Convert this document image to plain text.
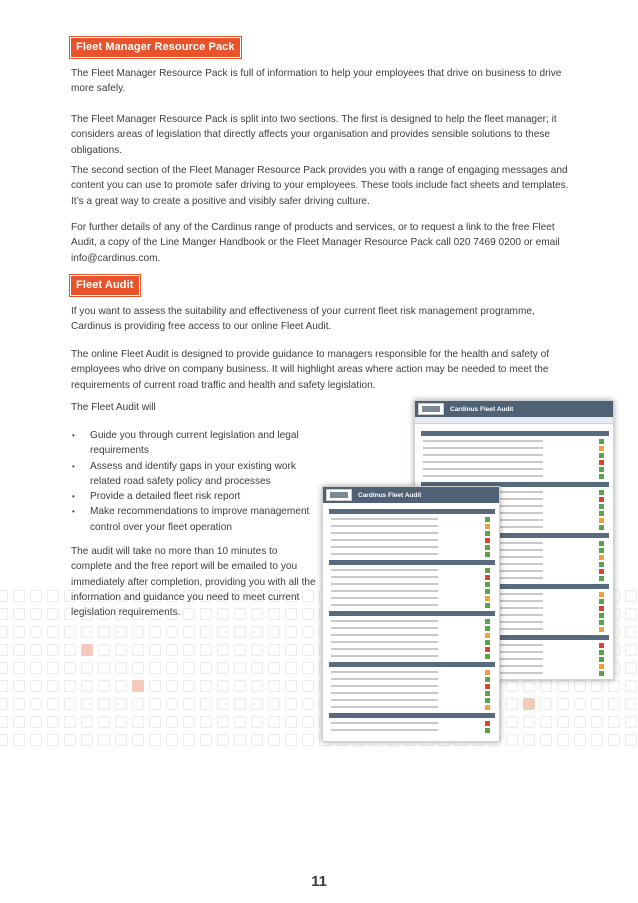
Fleet Manager Resource Pack

The Fleet Manager Resource Pack is full of information to help your employees that drive on business to drive more safely.

The Fleet Manager Resource Pack is split into two sections. The first is designed to help the fleet manager; it considers areas of legislation that directly affects your organisation and provides sensible solutions to these obligations.

The second section of the Fleet Manager Resource Pack provides you with a range of engaging messages and content you can use to promote safer driving to your employees. These tools include fact sheets and templates. It’s a great way to create a positive and visibly safer driving culture.

For further details of any of the Cardinus range of products and services, or to request a link to the free Fleet Audit, a copy of the Line Manger Handbook or the Fleet Manager Resource Pack call 020 7469 0200 or email info@cardinus.com.

Fleet Audit

If you want to assess the suitability and effectiveness of your current fleet risk management programme, Cardinus is providing free access to our online Fleet Audit.

The online Fleet Audit is designed to provide guidance to managers responsible for the health and safety of employees who drive on company business. It will highlight areas where action may be needed to meet the requirements of current road traffic and health and safety legislation.

The Fleet Audit will

• Guide you through current legislation and legal requirements
• Assess and identify gaps in your existing work related road safety policy and processes
• Provide a detailed fleet risk report
• Make recommendations to improve management control over your fleet operation

The audit will take no more than 10 minutes to complete and the free report will be emailed to you immediately after completion, providing you with all the information and guidance you need to meet current legislation requirements.

Cardinus Fleet Audit
Cardinus Fleet Audit
11
